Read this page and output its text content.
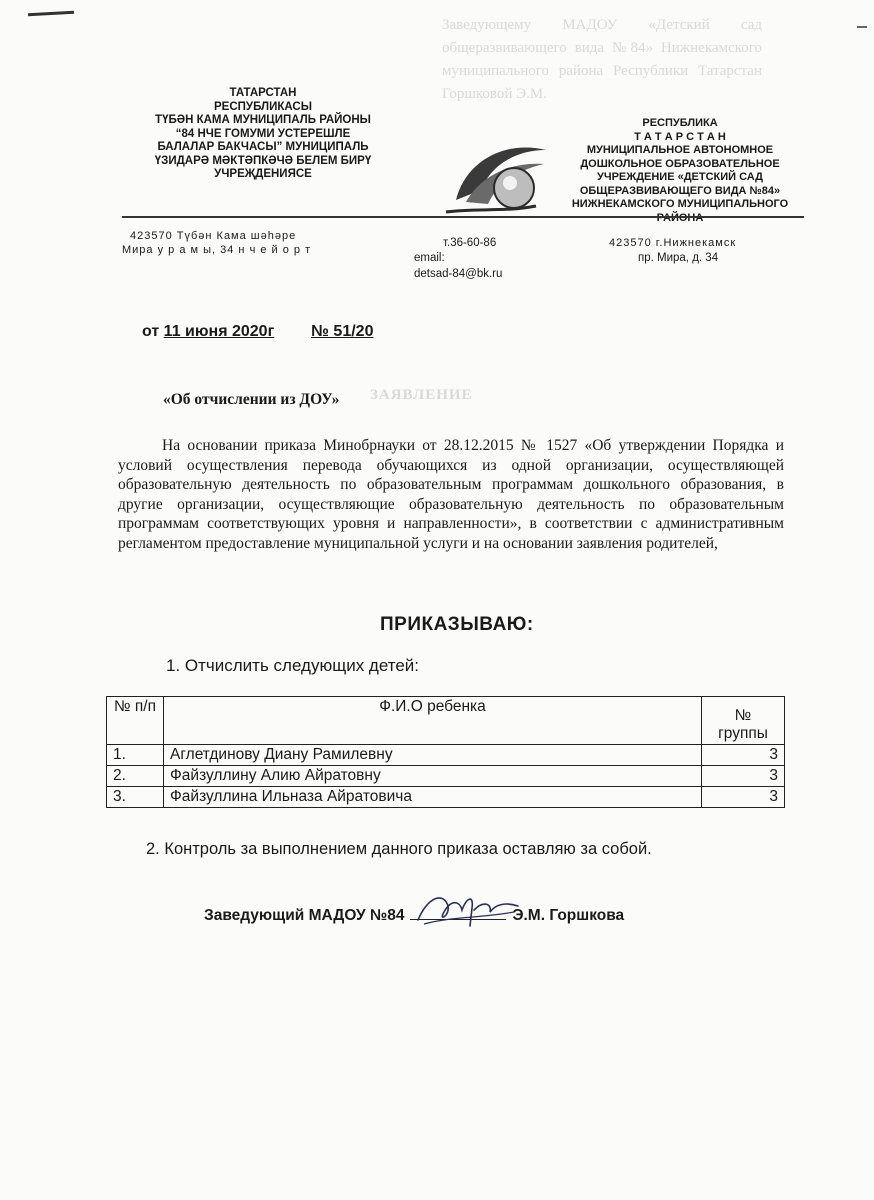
Заведующему МАДОУ «Детский сад общеразвивающего вида №84» Нижнекамского муниципального района Республики Татарстан Горшковой Э.М.
ЗАЯВЛЕНИЕ
ТАТАРСТАН
РЕСПУБЛИКАСЫ
ТҮБӘН КАМА МУНИЦИПАЛЬ РАЙОНЫ
“84 НЧЕ ГОМУМИ УСТЕРЕШЛЕ
БАЛАЛАР БАКЧАСЫ” МУНИЦИПАЛЬ
ҮЗИДАРӘ МӘКТӘПКӘЧӘ БЕЛЕМ БИРҮ
УЧРЕҖДЕНИЯСЕ
РЕСПУБЛИКА
Т А Т А Р С Т А Н
МУНИЦИПАЛЬНОЕ АВТОНОМНОЕ
ДОШКОЛЬНОЕ ОБРАЗОВАТЕЛЬНОЕ
УЧРЕЖДЕНИЕ «ДЕТСКИЙ САД
ОБЩЕРАЗВИВАЮЩЕГО ВИДА №84»
НИЖНЕКАМСКОГО МУНИЦИПАЛЬНОГО
РАЙОНА
423570 Түбән Кама шәһәре
Мира у р а м ы, 34 н ч е й о р т
т.36-60-86
email:
detsad-84@bk.ru
423570 г.Нижнекамск
пр. Мира, д. 34
от 11 июня 2020г № 51/20
«Об отчислении из ДОУ»
На основании приказа Минобрнауки от 28.12.2015 № 1527 «Об утверждении Порядка и условий осуществления перевода обучающихся из одной организации, осуществляющей образовательную деятельность по образовательным программам дошкольного образования, в другие организации, осуществляющие образовательную деятельность по образовательным программам соответствующих уровня и направленности», в соответствии с административным регламентом предоставление муниципальной услуги и на основании заявления родителей,
ПРИКАЗЫВАЮ:
1. Отчислить следующих детей:
№ п/п	Ф.И.О ребенка	№ группы
1.	Аглетдинову Диану Рамилевну	3
2.	Файзуллину Алию Айратовну	3
3.	Файзуллина Ильназа Айратовича	3
2. Контроль за выполнением данного приказа оставляю за собой.
Заведующий МАДОУ №84	Э.М. Горшкова
